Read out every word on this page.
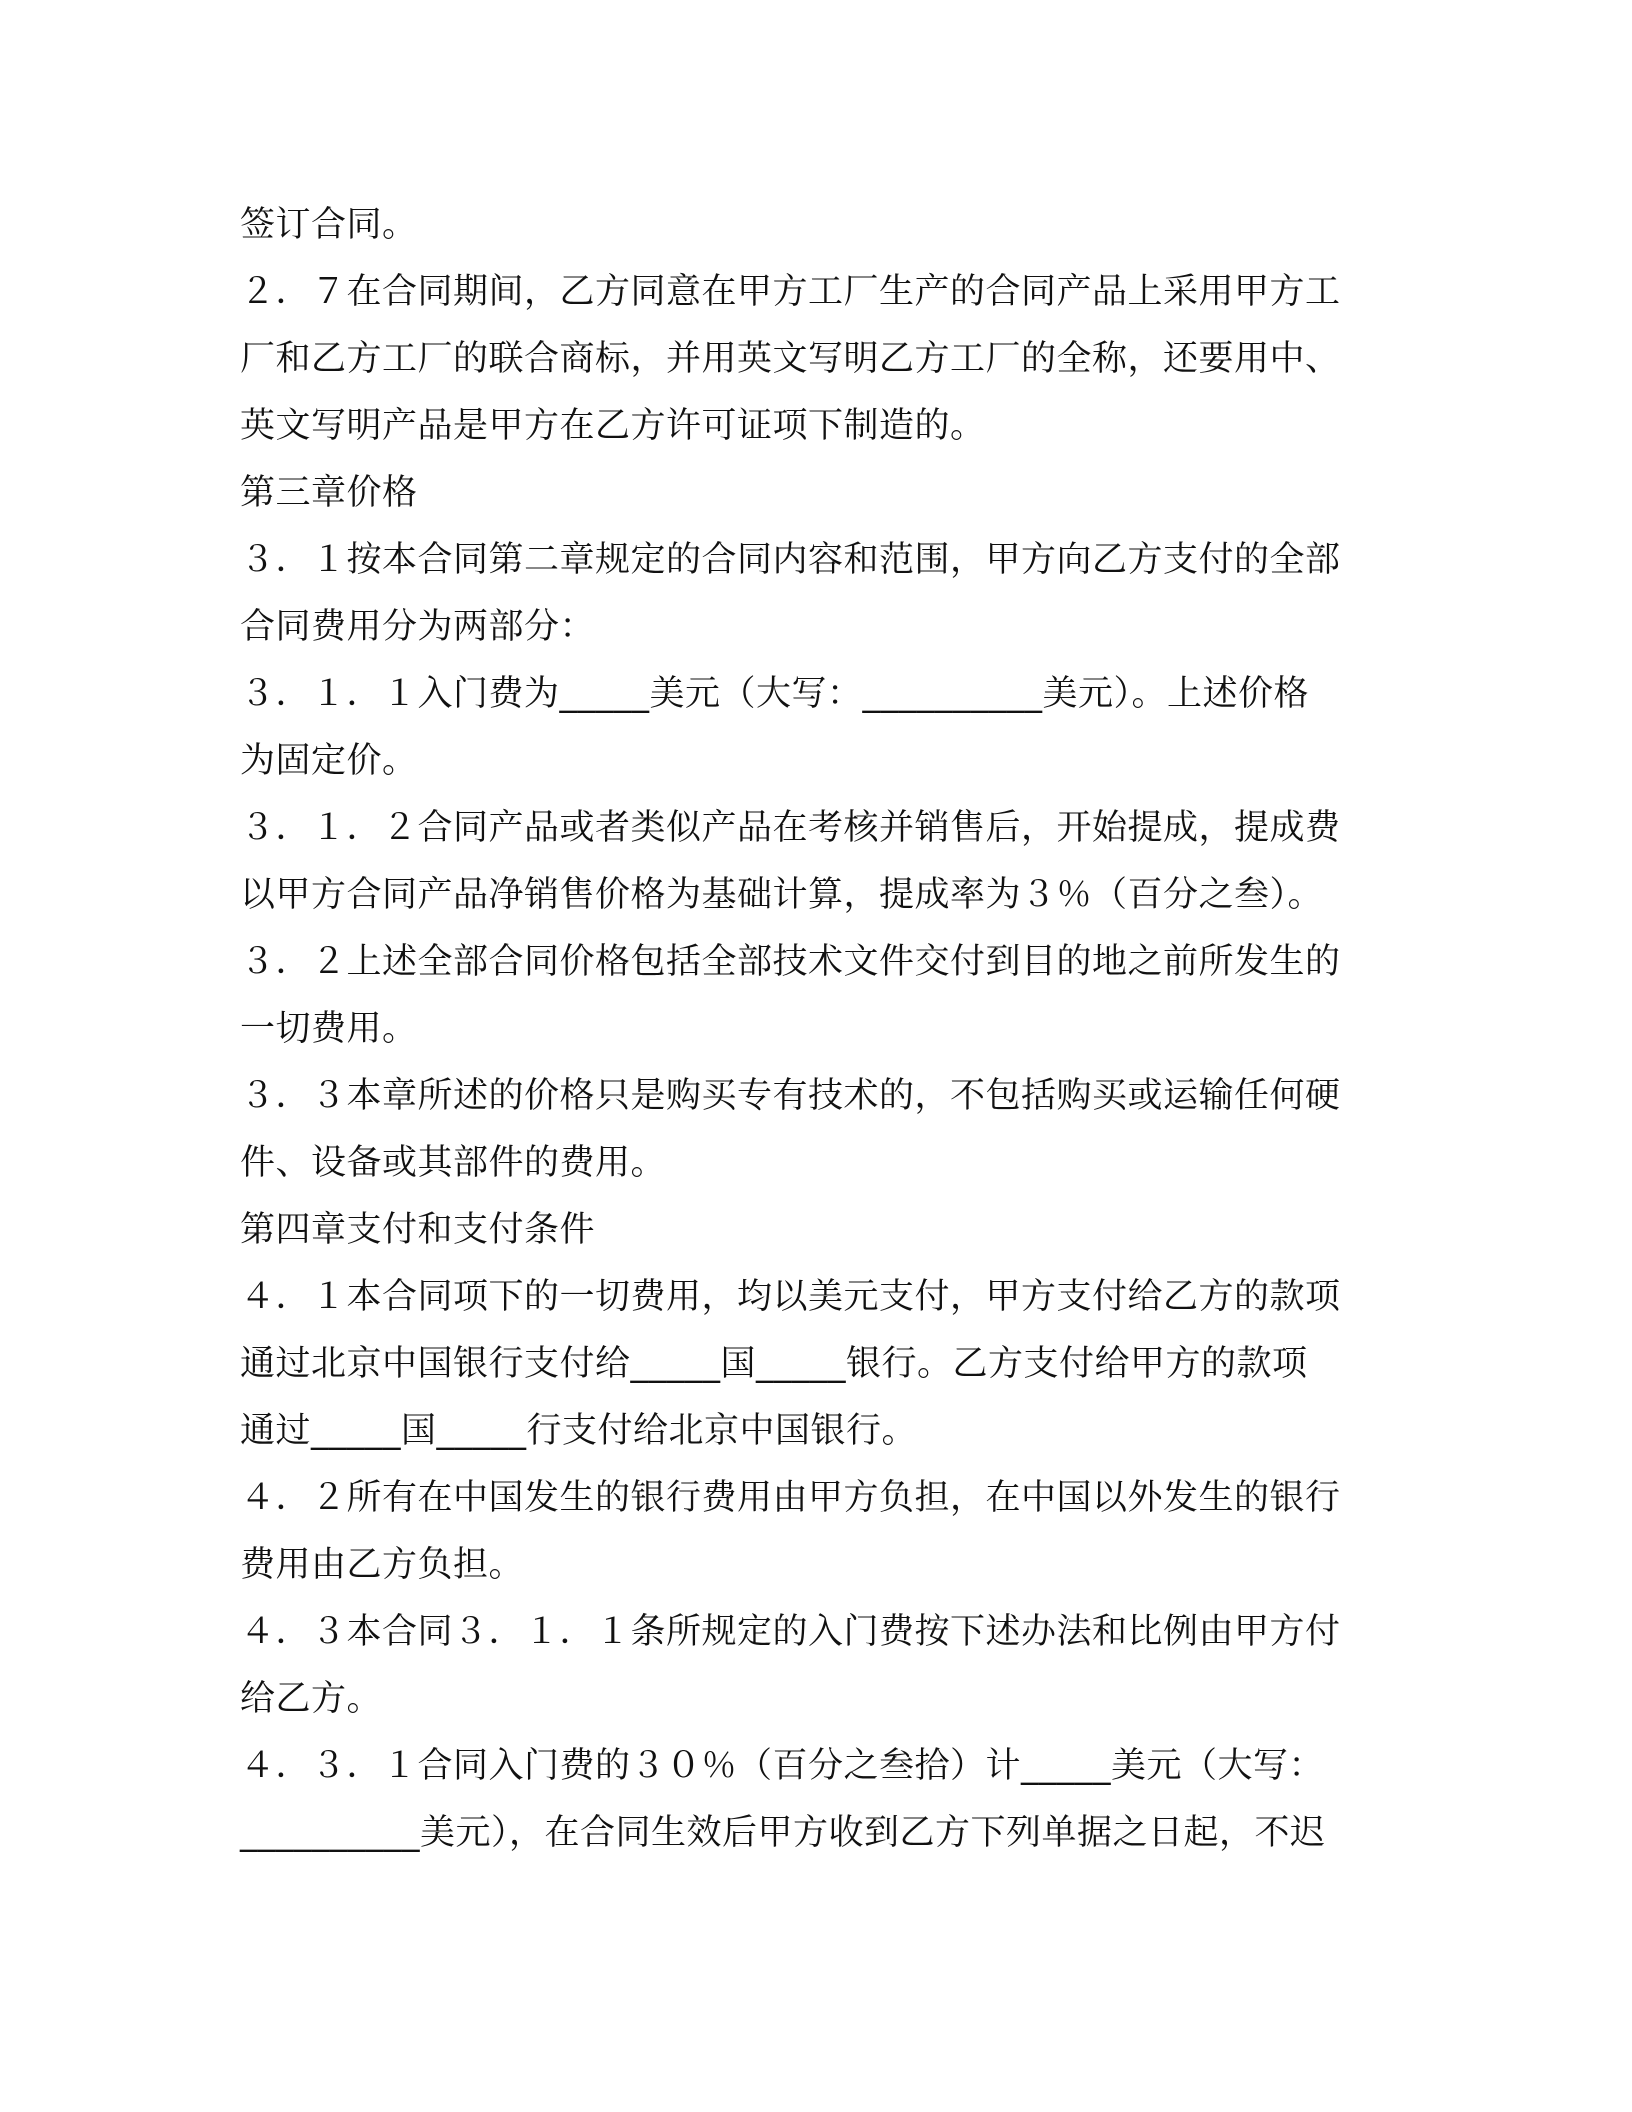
签订合同。
２．７在合同期间，乙方同意在甲方工厂生产的合同产品上采用甲方工
厂和乙方工厂的联合商标，并用英文写明乙方工厂的全称，还要用中、
英文写明产品是甲方在乙方许可证项下制造的。
第三章价格
３．１按本合同第二章规定的合同内容和范围，甲方向乙方支付的全部
合同费用分为两部分：
３．１．１入门费为_____美元（大写：__________美元）。上述价格
为固定价。
３．１．２合同产品或者类似产品在考核并销售后，开始提成，提成费
以甲方合同产品净销售价格为基础计算，提成率为３％（百分之叁）。
３．２上述全部合同价格包括全部技术文件交付到目的地之前所发生的
一切费用。
３．３本章所述的价格只是购买专有技术的，不包括购买或运输任何硬
件、设备或其部件的费用。
第四章支付和支付条件
４．１本合同项下的一切费用，均以美元支付，甲方支付给乙方的款项
通过北京中国银行支付给_____国_____银行。乙方支付给甲方的款项
通过_____国_____行支付给北京中国银行。
４．２所有在中国发生的银行费用由甲方负担，在中国以外发生的银行
费用由乙方负担。
４．３本合同３．１．１条所规定的入门费按下述办法和比例由甲方付
给乙方。
４．３．１合同入门费的３０％（百分之叁拾）计_____美元（大写：
__________美元），在合同生效后甲方收到乙方下列单据之日起，不迟
